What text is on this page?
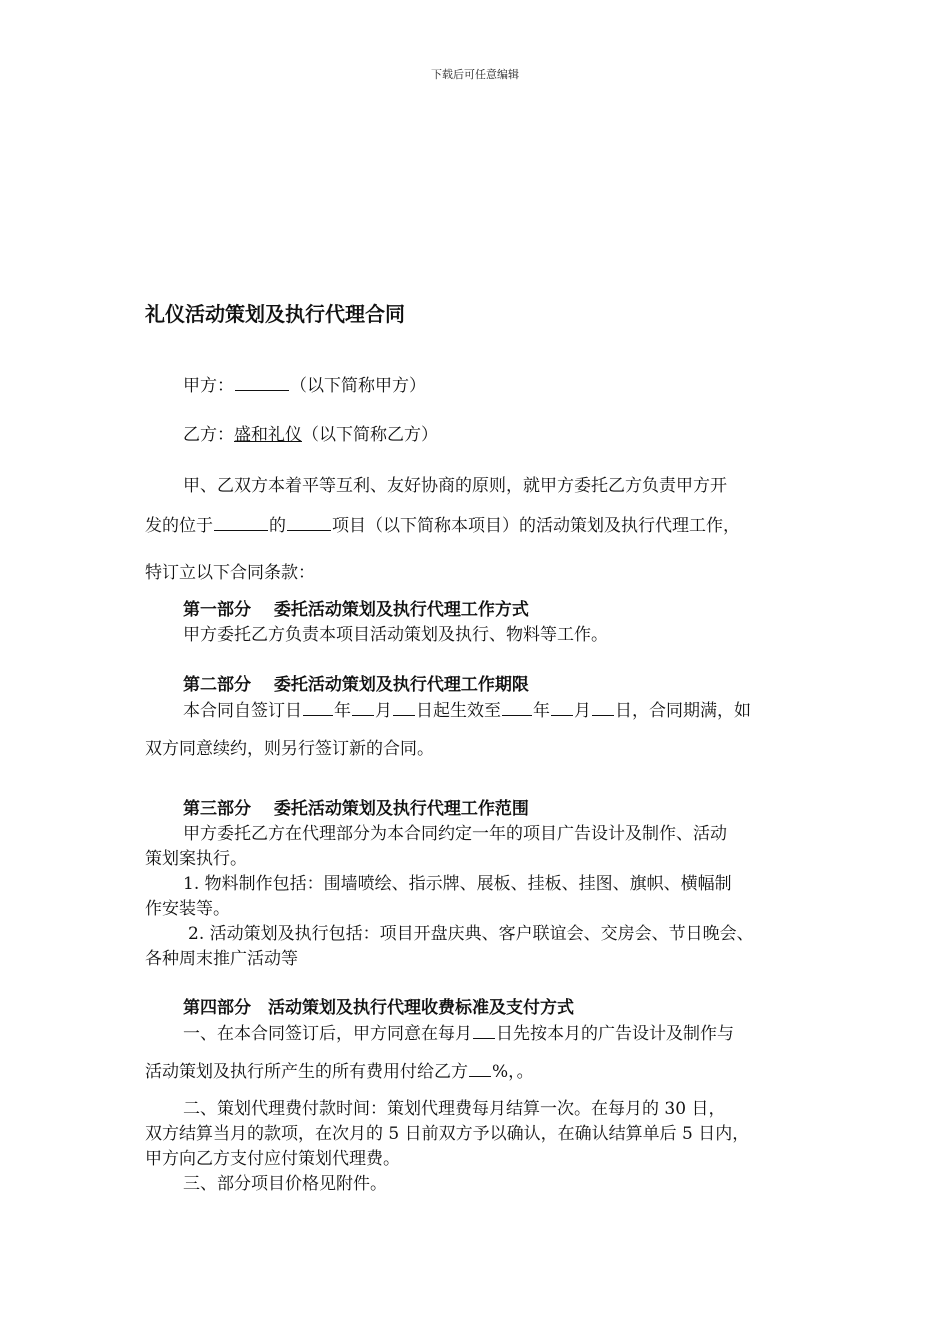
下载后可任意编辑
礼仪活动策划及执行代理合同
甲方：	（以下简称甲方）
乙方：盛和礼仪（以下简称乙方）
甲、乙双方本着平等互利、友好协商的原则，就甲方委托乙方负责甲方开
发的位于	的	项目（以下简称本项目）的活动策划及执行代理工作，
特订立以下合同条款：
第一部分　 委托活动策划及执行代理工作方式
甲方委托乙方负责本项目活动策划及执行、物料等工作。
第二部分　 委托活动策划及执行代理工作期限
本合同自签订日 年 月 日起生效至 年 月 日，合同期满，如
双方同意续约，则另行签订新的合同。
第三部分　 委托活动策划及执行代理工作范围
甲方委托乙方在代理部分为本合同约定一年的项目广告设计及制作、活动
策划案执行。
1. 物料制作包括：围墙喷绘、指示牌、展板、挂板、挂图、旗帜、横幅制
作安装等。
2. 活动策划及执行包括：项目开盘庆典、客户联谊会、交房会、节日晚会、
各种周末推广活动等
第四部分　活动策划及执行代理收费标准及支付方式
一、在本合同签订后，甲方同意在每月 日先按本月的广告设计及制作与
活动策划及执行所产生的所有费用付给乙方 %，。
二、策划代理费付款时间：策划代理费每月结算一次。在每月的 30 日，
双方结算当月的款项，在次月的 5 日前双方予以确认，在确认结算单后 5 日内，
甲方向乙方支付应付策划代理费。
三、部分项目价格见附件。
